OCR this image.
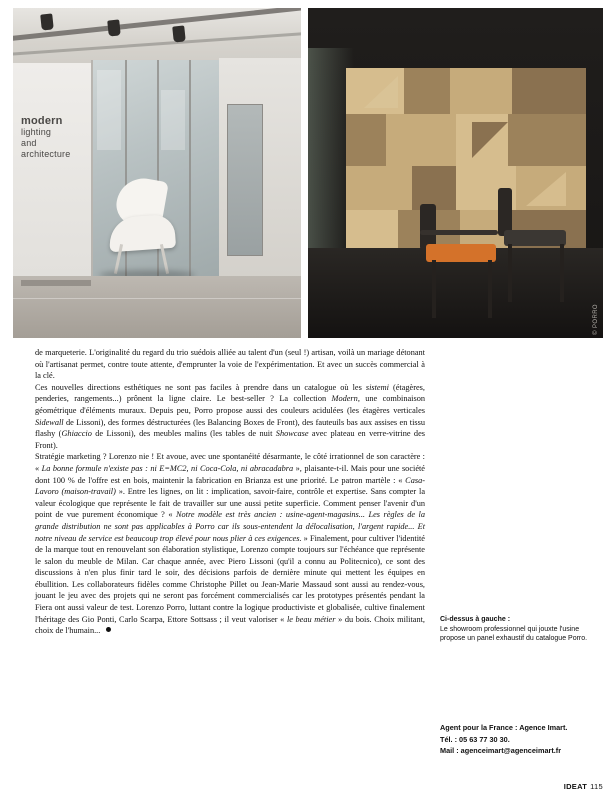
modern
lighting
and
architecture
© PORRO

de marqueterie. L'originalité du regard du trio suédois alliée au talent d'un (seul !) artisan, voilà un mariage détonant où l'artisanat permet, contre toute attente, d'emprunter la voie de l'expérimentation. Et avec un succès commercial à la clé.

Ces nouvelles directions esthétiques ne sont pas faciles à prendre dans un catalogue où les sistemi (étagères, penderies, rangements...) prônent la ligne claire. Le best-seller ? La collection Modern, une combinaison géométrique d'éléments muraux. Depuis peu, Porro propose aussi des couleurs acidulées (les étagères verticales Sidewall de Lissoni), des formes déstructurées (les Balancing Boxes de Front), des fauteuils bas aux assises en tissu flashy (Ghiaccio de Lissoni), des meubles malins (les tables de nuit Showcase avec plateau en verre-vitrine des Front).

Stratégie marketing ? Lorenzo nie ! Et avoue, avec une spontanéité désarmante, le côté irrationnel de son caractère : « La bonne formule n'existe pas : ni E=MC2, ni Coca-Cola, ni abracadabra », plaisante-t-il. Mais pour une société dont 100 % de l'offre est en bois, maintenir la fabrication en Brianza est une priorité. Le patron martèle : « Casa-Lavoro (maison-travail) ». Entre les lignes, on lit : implication, savoir-faire, contrôle et expertise. Sans compter la valeur écologique que représente le fait de travailler sur une aussi petite superficie. Comment penser l'avenir d'un point de vue purement économique ? « Notre modèle est très ancien : usine-agent-magasins... Les règles de la grande distribution ne sont pas applicables à Porro car ils sous-entendent la délocalisation, l'argent rapide... Et notre niveau de service est beaucoup trop élevé pour nous plier à ces exigences. » Finalement, pour cultiver l'identité de la marque tout en renouvelant son élaboration stylistique, Lorenzo compte toujours sur l'échéance que représente le salon du meuble de Milan. Car chaque année, avec Piero Lissoni (qu'il a connu au Politecnico), ce sont des discussions à n'en plus finir tard le soir, des décisions parfois de dernière minute qui mettent les équipes en ébullition. Les collaborateurs fidèles comme Christophe Pillet ou Jean-Marie Massaud sont aussi au rendez-vous, jouant le jeu avec des projets qui ne seront pas forcément commercialisés car les prototypes présentés pendant la Fiera ont aussi valeur de test. Lorenzo Porro, luttant contre la logique productiviste et globalisée, cultive finalement l'héritage des Gio Ponti, Carlo Scarpa, Ettore Sottsass ; il veut valoriser « le beau métier » du bois. Choix militant, choix de l'humain...

Ci-dessus à gauche :
Le showroom professionnel qui jouxte l'usine propose un panel exhaustif du catalogue Porro.
Agent pour la France : Agence Imart.
Tél. : 05 63 77 30 30.
Mail : agenceimart@agenceimart.fr
IDEAT 115
